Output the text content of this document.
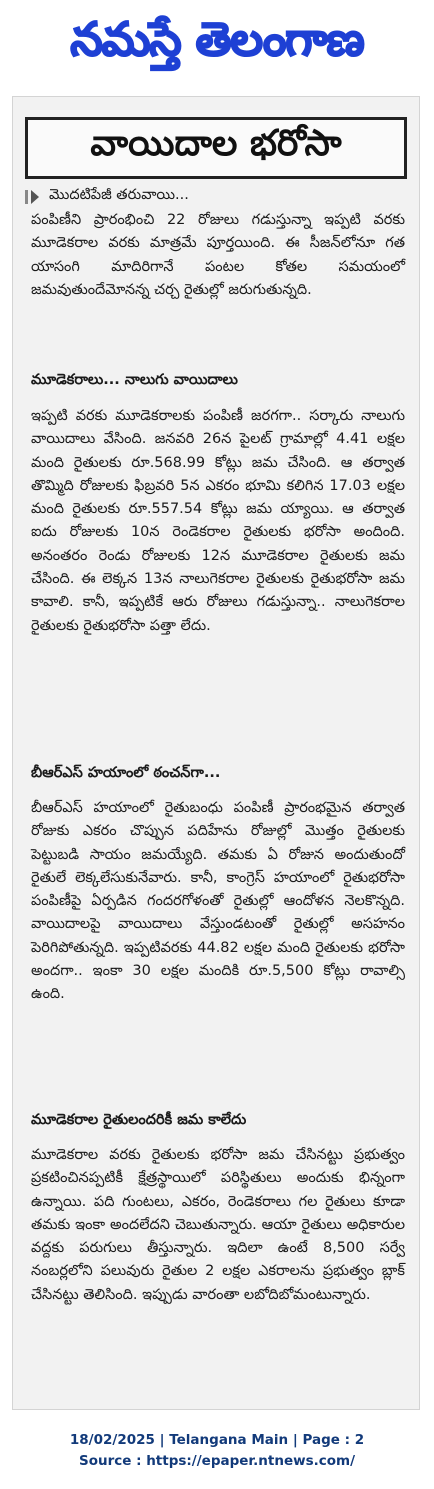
నమస్తే తెలంగాణ
వాయిదాల భరోసా
మొదటిపేజీ తరువాయి...

పంపిణీని ప్రారంభించి 22 రోజులు గడుస్తున్నా ఇప్పటి వరకు మూడెకరాల వరకు మాత్రమే పూర్తయింది. ఈ సీజన్‌లోనూ గత యాసంగి మాదిరిగానే పంటల కోతల సమయంలో జమవుతుందేమోనన్న చర్చ రైతుల్లో జరుగుతున్నది.

మూడెకరాలు... నాలుగు వాయిదాలు

ఇప్పటి వరకు మూడెకరాలకు పంపిణీ జరగగా.. సర్కారు నాలుగు వాయిదాలు వేసింది. జనవరి 26న పైలట్ గ్రామాల్లో 4.41 లక్షల మంది రైతులకు రూ.568.99 కోట్లు జమ చేసింది. ఆ తర్వాత తొమ్మిది రోజులకు ఫిబ్రవరి 5న ఎకరం భూమి కలిగిన 17.03 లక్షల మంది రైతులకు రూ.557.54 కోట్లు జమ య్యాయి. ఆ తర్వాత ఐదు రోజులకు 10న రెండెకరాల రైతులకు భరోసా అందింది. అనంతరం రెండు రోజులకు 12న మూడెకరాల రైతులకు జమ చేసింది. ఈ లెక్కన 13న నాలుగెకరాల రైతులకు రైతుభరోసా జమ కావాలి. కానీ, ఇప్పటికే ఆరు రోజులు గడుస్తున్నా.. నాలుగెకరాల రైతులకు రైతుభరోసా పత్తా లేదు.

బీఆర్‌ఎస్ హయాంలో ఠంచన్‌గా...

బీఆర్‌ఎస్ హయాంలో రైతుబంధు పంపిణీ ప్రారంభమైన తర్వాత రోజుకు ఎకరం చొప్పున పదిహేను రోజుల్లో మొత్తం రైతులకు పెట్టుబడి సాయం జమయ్యేది. తమకు ఏ రోజున అందుతుందో రైతులే లెక్కలేసుకునేవారు. కానీ, కాంగ్రెస్ హయాంలో రైతుభరోసా పంపిణీపై ఏర్పడిన గందరగోళంతో రైతుల్లో ఆందోళన నెలకొన్నది. వాయిదాలపై వాయిదాలు వేస్తుండటంతో రైతుల్లో అసహనం పెరిగిపోతున్నది. ఇప్పటివరకు 44.82 లక్షల మంది రైతులకు భరోసా అందగా.. ఇంకా 30 లక్షల మందికి రూ.5,500 కోట్లు రావాల్సి ఉంది.

మూడెకరాల రైతులందరికీ జమ కాలేదు

మూడెకరాల వరకు రైతులకు భరోసా జమ చేసినట్టు ప్రభుత్వం ప్రకటించినప్పటికీ క్షేత్రస్థాయిలో పరిస్థితులు అందుకు భిన్నంగా ఉన్నాయి. పది గుంటలు, ఎకరం, రెండెకరాలు గల రైతులు కూడా తమకు ఇంకా అందలేదని చెబుతున్నారు. ఆయా రైతులు అధికారుల వద్దకు పరుగులు తీస్తున్నారు. ఇదిలా ఉంటే 8,500 సర్వే నంబర్లలోని పలువురు రైతుల 2 లక్షల ఎకరాలను ప్రభుత్వం బ్లాక్ చేసినట్టు తెలిసింది. ఇప్పుడు వారంతా లబోదిబోమంటున్నారు.

18/02/2025 | Telangana Main | Page : 2
Source : https://epaper.ntnews.com/
